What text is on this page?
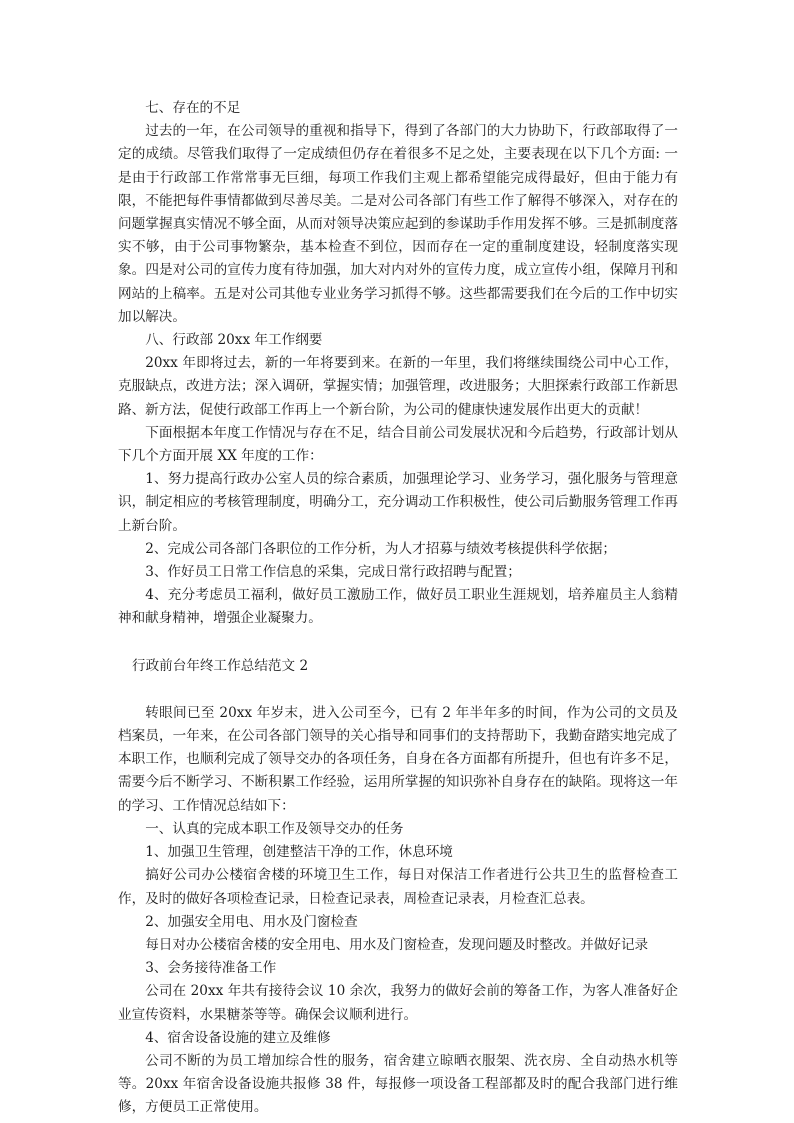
七、存在的不足

过去的一年，在公司领导的重视和指导下，得到了各部门的大力协助下，行政部取得了一定的成绩。尽管我们取得了一定成绩但仍存在着很多不足之处，主要表现在以下几个方面: 一是由于行政部工作常常事无巨细，每项工作我们主观上都希望能完成得最好，但由于能力有限，不能把每件事情都做到尽善尽美。二是对公司各部门有些工作了解得不够深入，对存在的问题掌握真实情况不够全面，从而对领导决策应起到的参谋助手作用发挥不够。三是抓制度落实不够，由于公司事物繁杂，基本检查不到位，因而存在一定的重制度建设，轻制度落实现象。四是对公司的宣传力度有待加强，加大对内对外的宣传力度，成立宣传小组，保障月刊和网站的上稿率。五是对公司其他专业业务学习抓得不够。这些都需要我们在今后的工作中切实加以解决。

八、行政部 20xx 年工作纲要

20xx 年即将过去，新的一年将要到来。在新的一年里，我们将继续围绕公司中心工作，克服缺点，改进方法；深入调研，掌握实情；加强管理，改进服务；大胆探索行政部工作新思路、新方法，促使行政部工作再上一个新台阶，为公司的健康快速发展作出更大的贡献！

下面根据本年度工作情况与存在不足，结合目前公司发展状况和今后趋势，行政部计划从下几个方面开展 XX 年度的工作：

1、努力提高行政办公室人员的综合素质，加强理论学习、业务学习，强化服务与管理意识，制定相应的考核管理制度，明确分工，充分调动工作积极性，使公司后勤服务管理工作再上新台阶。

2、完成公司各部门各职位的工作分析，为人才招募与绩效考核提供科学依据；

3、作好员工日常工作信息的采集，完成日常行政招聘与配置；

4、充分考虑员工福利，做好员工激励工作，做好员工职业生涯规划，培养雇员主人翁精神和献身精神，增强企业凝聚力。

行政前台年终工作总结范文 2

转眼间已至 20xx 年岁末，进入公司至今，已有 2 年半年多的时间，作为公司的文员及档案员，一年来，在公司各部门领导的关心指导和同事们的支持帮助下，我勤奋踏实地完成了本职工作，也顺利完成了领导交办的各项任务，自身在各方面都有所提升，但也有许多不足，需要今后不断学习、不断积累工作经验，运用所掌握的知识弥补自身存在的缺陷。现将这一年的学习、工作情况总结如下：

一、认真的完成本职工作及领导交办的任务

1、加强卫生管理，创建整洁干净的工作，休息环境

搞好公司办公楼宿舍楼的环境卫生工作，每日对保洁工作者进行公共卫生的监督检查工作，及时的做好各项检查记录，日检查记录表，周检查记录表，月检查汇总表。

2、加强安全用电、用水及门窗检查

每日对办公楼宿舍楼的安全用电、用水及门窗检查，发现问题及时整改。并做好记录

3、会务接待准备工作

公司在 20xx 年共有接待会议 10 余次，我努力的做好会前的筹备工作，为客人准备好企业宣传资料，水果糖茶等等。确保会议顺利进行。

4、宿舍设备设施的建立及维修

公司不断的为员工增加综合性的服务，宿舍建立晾晒衣服架、洗衣房、全自动热水机等等。20xx 年宿舍设备设施共报修 38 件，每报修一项设备工程部都及时的配合我部门进行维修，方便员工正常使用。
